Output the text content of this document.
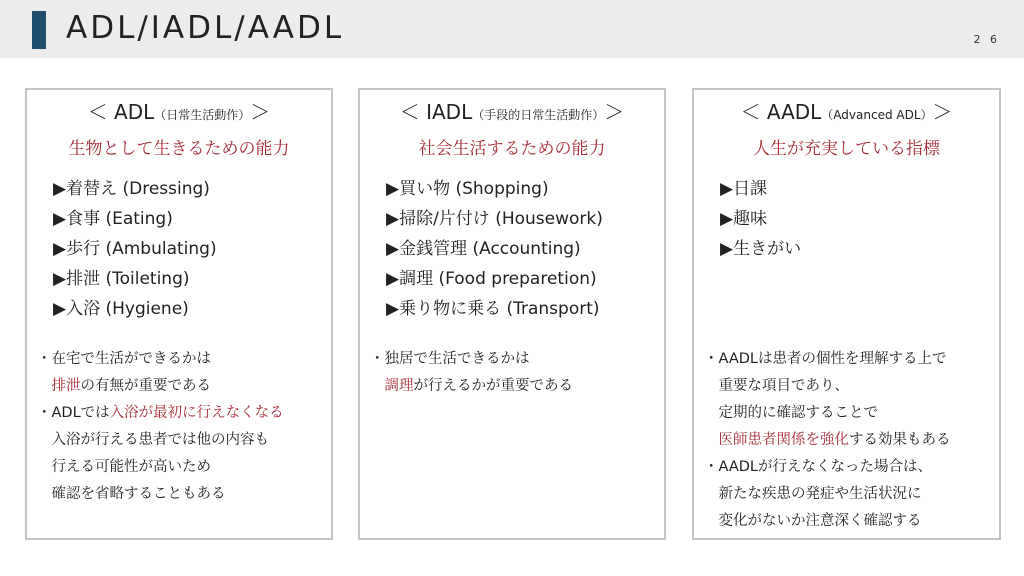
ADL/IADL/AADL	2 6
＜ ADL（日常生活動作）＞
生物として生きるための能力
▶着替え (Dressing)
▶食事 (Eating)
▶歩行 (Ambulating)
▶排泄 (Toileting)
▶入浴 (Hygiene)
・在宅で生活ができるかは
　排泄の有無が重要である
・ADLでは入浴が最初に行えなくなる
　入浴が行える患者では他の内容も
　行える可能性が高いため
　確認を省略することもある
＜ IADL（手段的日常生活動作）＞
社会生活するための能力
▶買い物 (Shopping)
▶掃除/片付け (Housework)
▶金銭管理 (Accounting)
▶調理 (Food preparetion)
▶乗り物に乗る (Transport)
・独居で生活できるかは
　調理が行えるかが重要である
＜ AADL（Advanced ADL）＞
人生が充実している指標
▶日課
▶趣味
▶生きがい
・AADLは患者の個性を理解する上で
　重要な項目であり、
　定期的に確認することで
　医師患者関係を強化する効果もある
・AADLが行えなくなった場合は、
　新たな疾患の発症や生活状況に
　変化がないか注意深く確認する
